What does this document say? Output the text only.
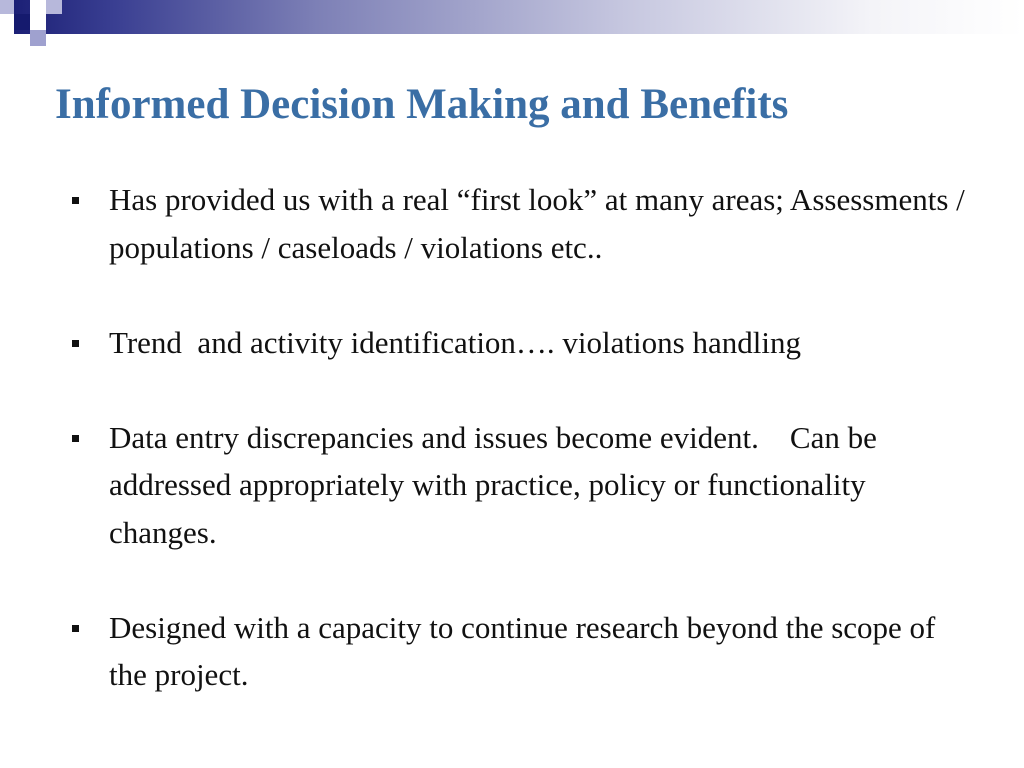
Informed Decision Making and Benefits
Has provided us with a real “first look” at many areas; Assessments / populations / caseloads / violations etc..
Trend  and activity identification…. violations handling
Data entry discrepancies and issues become evident.    Can be addressed appropriately with practice, policy or functionality changes.
Designed with a capacity to continue research beyond the scope of the project.
